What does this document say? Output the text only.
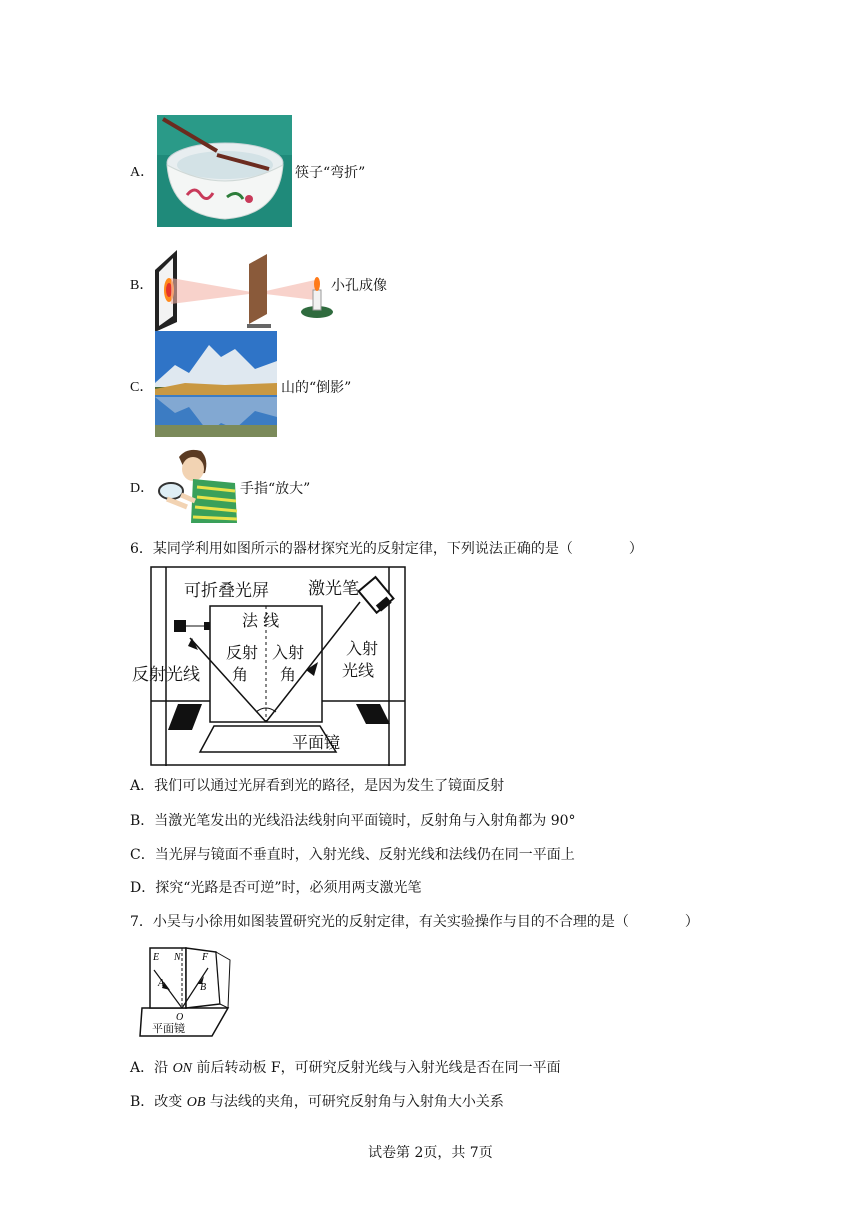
A．	筷子“弯折”
B．	小孔成像
C．	山的“倒影”
D．	手指“放大”
6．某同学利用如图所示的器材探究光的反射定律，下列说法正确的是（　　　　）
可折叠光屏 激光笔
法 线
反射
角
入射
角
入射
光线
反射光线
平面镜
A．我们可以通过光屏看到光的路径，是因为发生了镜面反射
B．当激光笔发出的光线沿法线射向平面镜时，反射角与入射角都为 90°
C．当光屏与镜面不垂直时，入射光线、反射光线和法线仍在同一平面上
D．探究“光路是否可逆”时，必须用两支激光笔
7．小吴与小徐用如图装置研究光的反射定律，有关实验操作与目的不合理的是（　　　　）
E N F
A	B
O
平面镜
A．沿 ON 前后转动板 F，可研究反射光线与入射光线是否在同一平面
B．改变 OB 与法线的夹角，可研究反射角与入射角大小关系
试卷第 2页，共 7页
